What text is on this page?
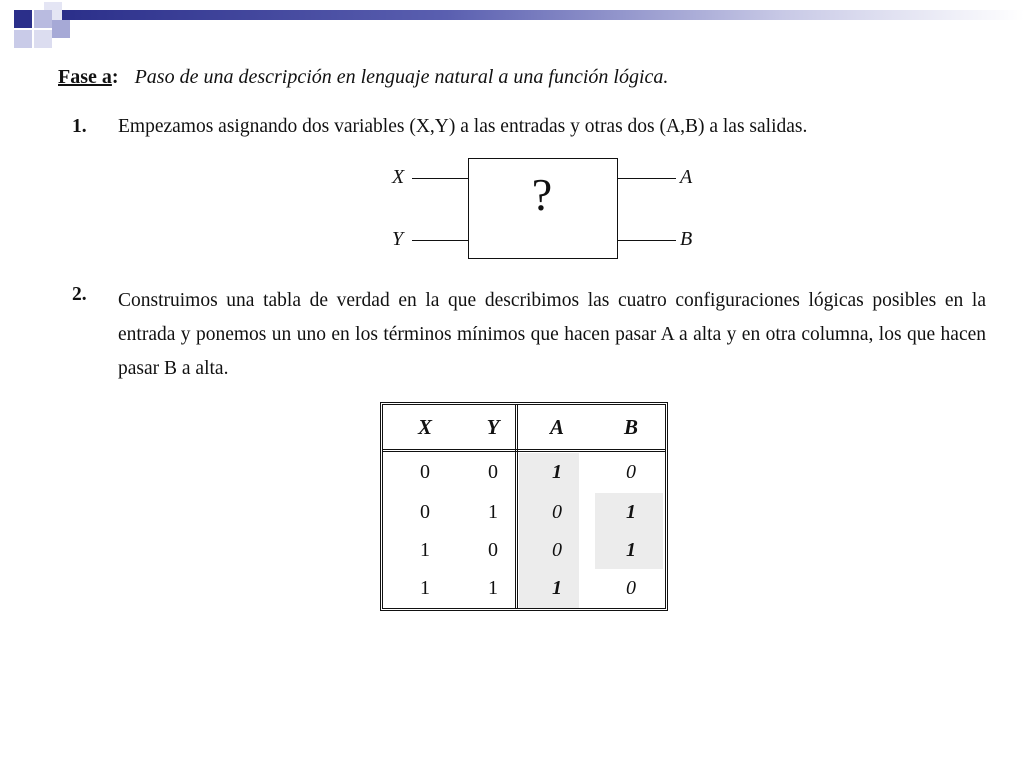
Fase a: Paso de una descripción en lenguaje natural a una función lógica.
1. Empezamos asignando dos variables (X,Y) a las entradas y otras dos (A,B) a las salidas.
X
Y
?	A
B
2. Construimos una tabla de verdad en la que describimos las cuatro configuraciones lógicas posibles en la entrada y ponemos un uno en los términos mínimos que hacen pasar A a alta y en otra columna, los que hacen pasar B a alta.
X	Y	A	B
0	0	1	0
0	1	0	1
1	0	0	1
1	1	1	0
